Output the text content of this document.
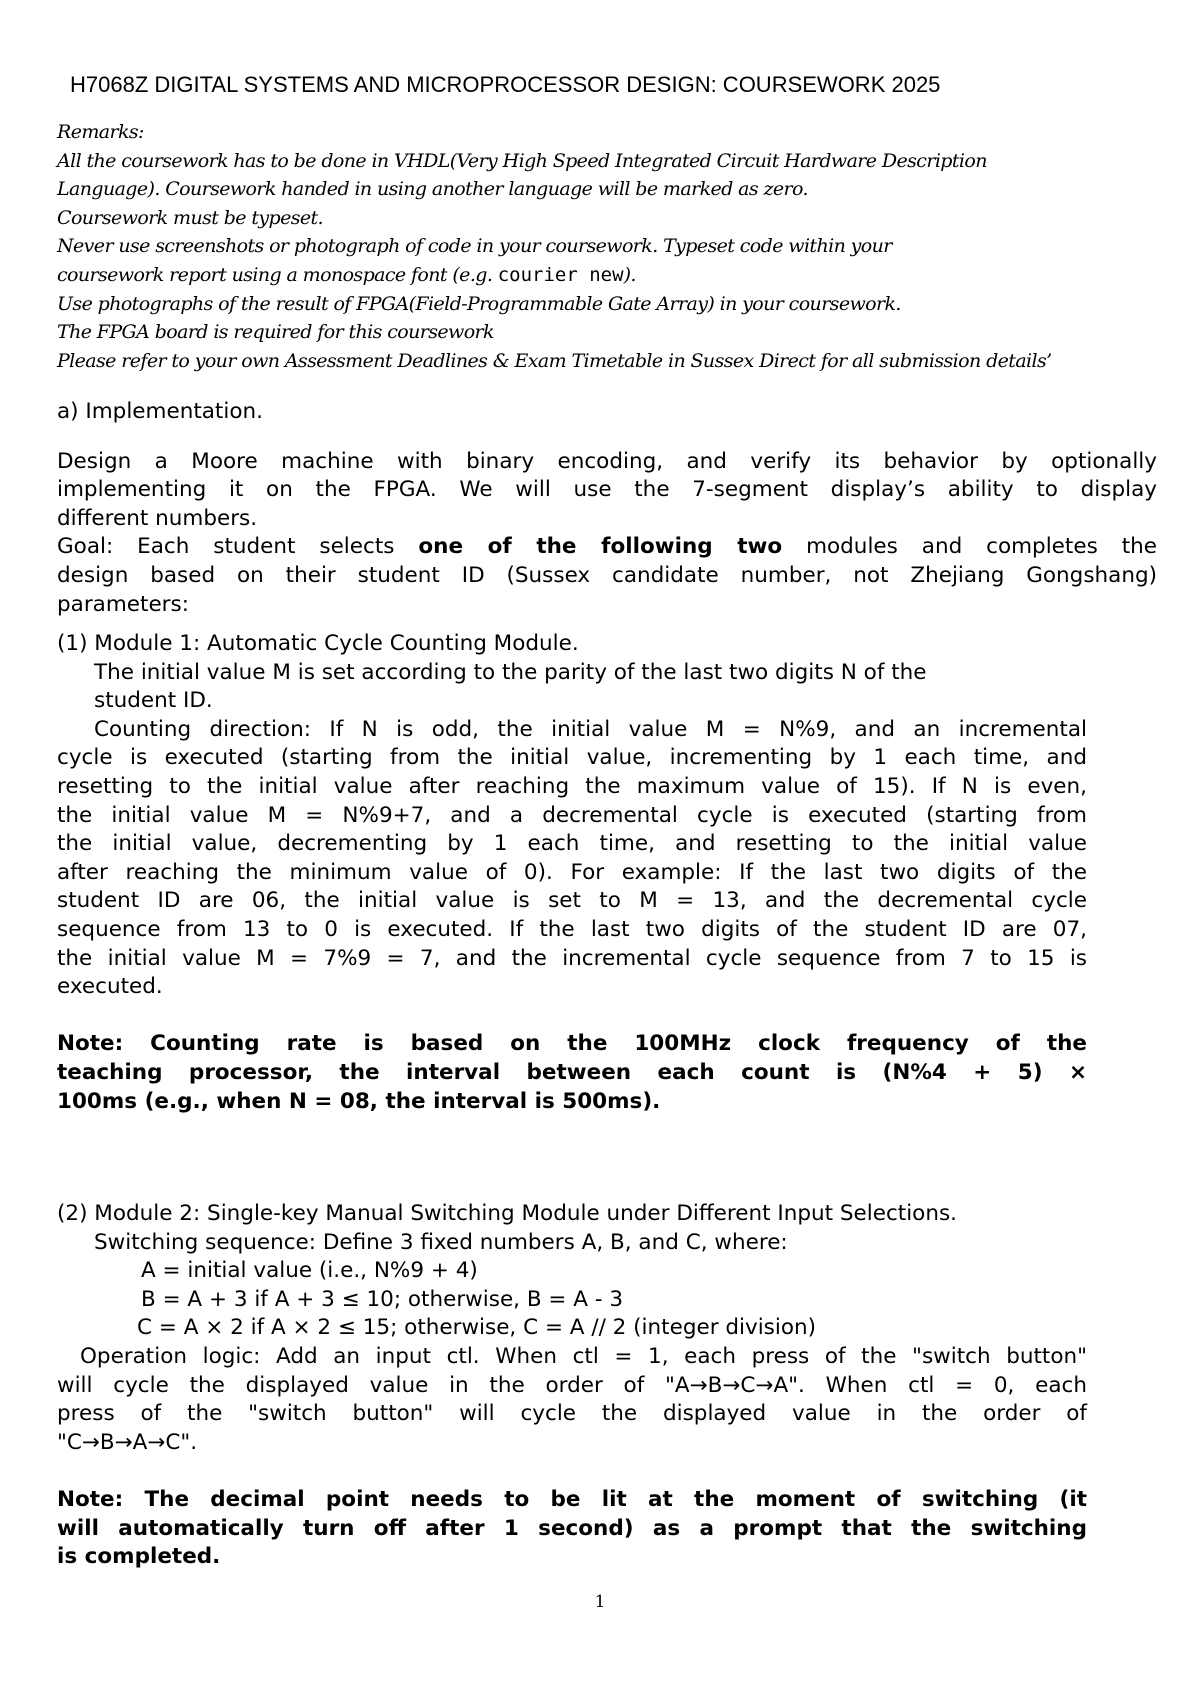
H7068Z DIGITAL SYSTEMS AND MICROPROCESSOR DESIGN: COURSEWORK 2025
Remarks:
All the coursework has to be done in VHDL(Very High Speed Integrated Circuit Hardware Description
Language). Coursework handed in using another language will be marked as zero.
Coursework must be typeset.
Never use screenshots or photograph of code in your coursework. Typeset code within your
coursework report using a monospace font (e.g. courier new).
Use photographs of the result of FPGA(Field-Programmable Gate Array) in your coursework.
The FPGA board is required for this coursework
Please refer to your own Assessment Deadlines & Exam Timetable in Sussex Direct for all submission details’
a) Implementation.
Design a Moore machine with binary encoding, and verify its behavior by optionally
implementing it on the FPGA. We will use the 7-segment display’s ability to display
different numbers.
Goal: Each student selects one of the following two modules and completes the
design based on their student ID (Sussex candidate number, not Zhejiang Gongshang)
parameters:
(1) Module 1: Automatic Cycle Counting Module.
The initial value M is set according to the parity of the last two digits N of the
student ID.
Counting direction: If N is odd, the initial value M = N%9, and an incremental
cycle is executed (starting from the initial value, incrementing by 1 each time, and
resetting to the initial value after reaching the maximum value of 15). If N is even,
the initial value M = N%9+7, and a decremental cycle is executed (starting from
the initial value, decrementing by 1 each time, and resetting to the initial value
after reaching the minimum value of 0). For example: If the last two digits of the
student ID are 06, the initial value is set to M = 13, and the decremental cycle
sequence from 13 to 0 is executed. If the last two digits of the student ID are 07,
the initial value M = 7%9 = 7, and the incremental cycle sequence from 7 to 15 is
executed.
Note: Counting rate is based on the 100MHz clock frequency of the
teaching processor, the interval between each count is (N%4 + 5) ×
100ms (e.g., when N = 08, the interval is 500ms).
(2) Module 2: Single-key Manual Switching Module under Different Input Selections.
Switching sequence: Define 3 fixed numbers A, B, and C, where:
A = initial value (i.e., N%9 + 4)
B = A + 3 if A + 3 ≤ 10; otherwise, B = A - 3
C = A × 2 if A × 2 ≤ 15; otherwise, C = A // 2 (integer division)
Operation logic: Add an input ctl. When ctl = 1, each press of the "switch button"
will cycle the displayed value in the order of "A→B→C→A". When ctl = 0, each
press of the "switch button" will cycle the displayed value in the order of
"C→B→A→C".
Note: The decimal point needs to be lit at the moment of switching (it
will automatically turn off after 1 second) as a prompt that the switching
is completed.
1
